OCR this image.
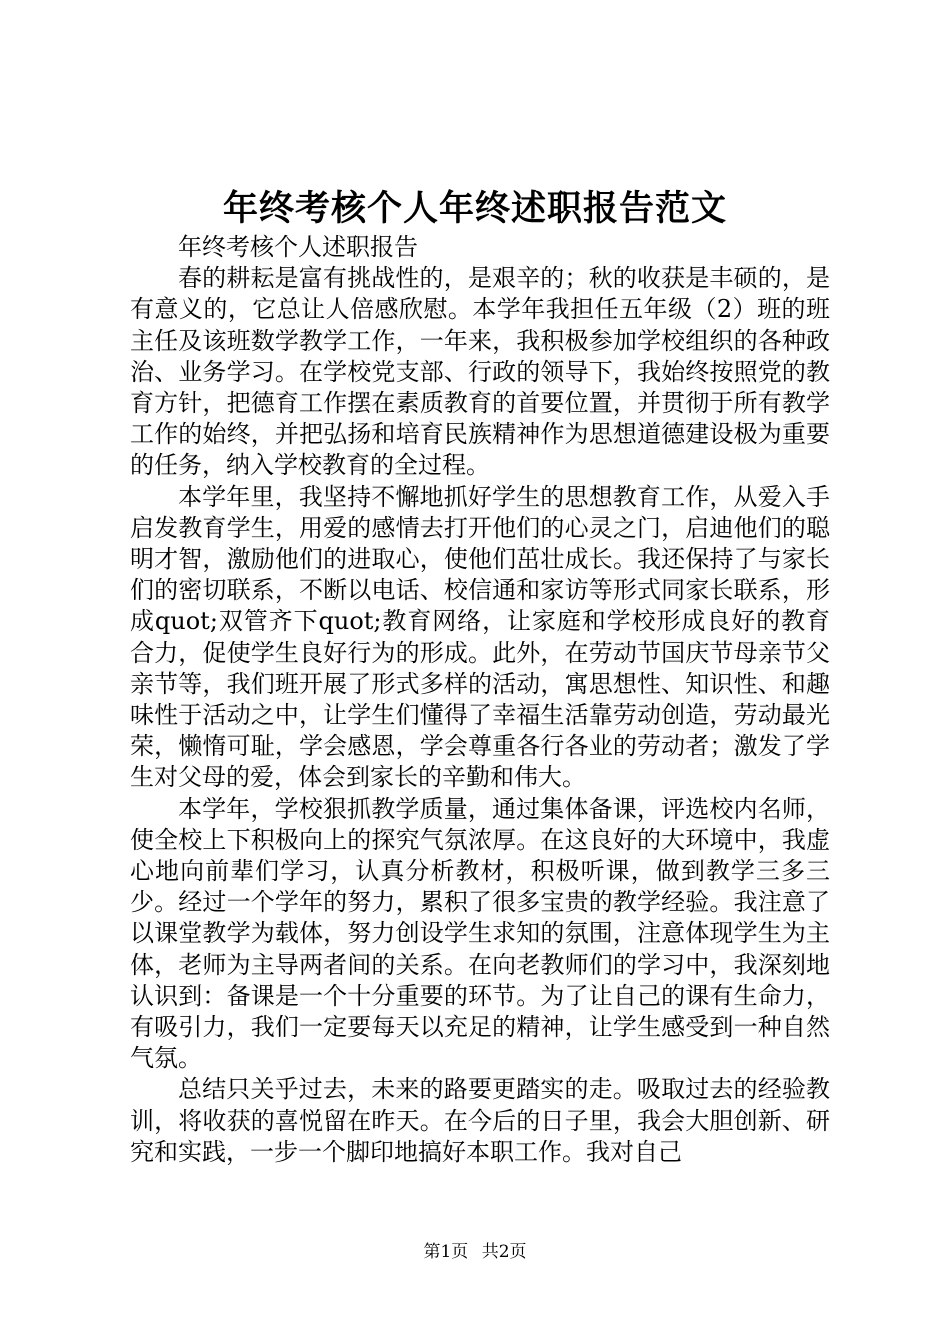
年终考核个人年终述职报告范文

年终考核个人述职报告

春的耕耘是富有挑战性的，是艰辛的；秋的收获是丰硕的，是有意义的，它总让人倍感欣慰。本学年我担任五年级（2）班的班主任及该班数学教学工作，一年来，我积极参加学校组织的各种政治、业务学习。在学校党支部、行政的领导下，我始终按照党的教育方针，把德育工作摆在素质教育的首要位置，并贯彻于所有教学工作的始终，并把弘扬和培育民族精神作为思想道德建设极为重要的任务，纳入学校教育的全过程。

本学年里，我坚持不懈地抓好学生的思想教育工作，从爱入手启发教育学生，用爱的感情去打开他们的心灵之门，启迪他们的聪明才智，激励他们的进取心，使他们茁壮成长。我还保持了与家长们的密切联系，不断以电话、校信通和家访等形式同家长联系，形成quot;双管齐下quot;教育网络，让家庭和学校形成良好的教育合力，促使学生良好行为的形成。此外，在劳动节国庆节母亲节父亲节等，我们班开展了形式多样的活动，寓思想性、知识性、和趣味性于活动之中，让学生们懂得了幸福生活靠劳动创造，劳动最光荣，懒惰可耻，学会感恩，学会尊重各行各业的劳动者；激发了学生对父母的爱，体会到家长的辛勤和伟大。

本学年，学校狠抓教学质量，通过集体备课，评选校内名师，使全校上下积极向上的探究气氛浓厚。在这良好的大环境中，我虚心地向前辈们学习，认真分析教材，积极听课，做到教学三多三少。经过一个学年的努力，累积了很多宝贵的教学经验。我注意了以课堂教学为载体，努力创设学生求知的氛围，注意体现学生为主体，老师为主导两者间的关系。在向老教师们的学习中，我深刻地认识到：备课是一个十分重要的环节。为了让自己的课有生命力，有吸引力，我们一定要每天以充足的精神，让学生感受到一种自然气氛。

总结只关乎过去，未来的路要更踏实的走。吸取过去的经验教训，将收获的喜悦留在昨天。在今后的日子里，我会大胆创新、研究和实践，一步一个脚印地搞好本职工作。我对自己

第1页 共2页
